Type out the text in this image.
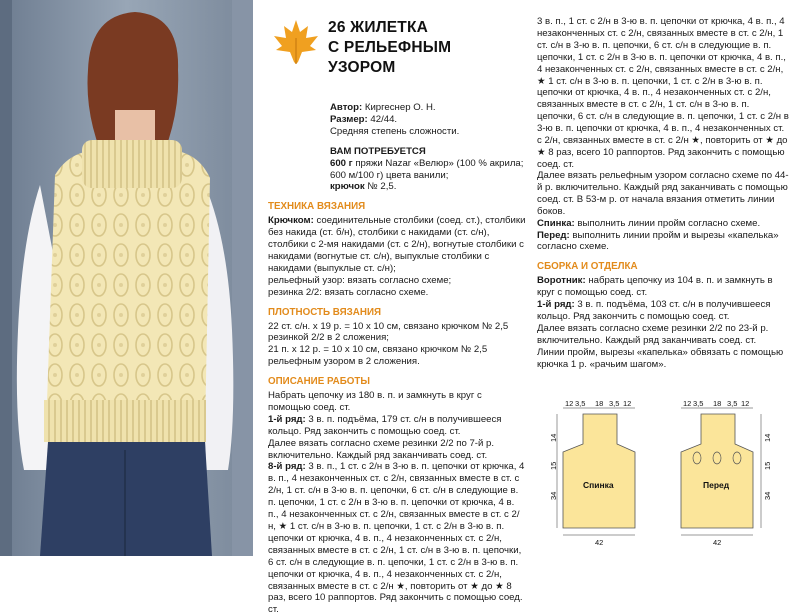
26 ЖИЛЕТКА
С РЕЛЬЕФНЫМ
УЗОРОМ

Автор: Киргеснер О. Н.

Размер: 42/44.

Средняя степень сложности.

ВАМ ПОТРЕБУЕТСЯ

600 г пряжи Nazar «Велюр» (100 % акрила; 600 м/100 г) цвета ванили;

крючок № 2,5.

ТЕХНИКА ВЯЗАНИЯ

Крючком: соединительные столбики (соед. ст.), столбики без накида (ст. б/н), столбики с накидами (ст. с/н), столбики с 2-мя накидами (ст. с 2/н), вогнутые столбики с накидами (вогнутые ст. с/н), выпуклые столбики с накидами (выпуклые ст. с/н);

рельефный узор: вязать согласно схеме;

резинка 2/2: вязать согласно схеме.

ПЛОТНОСТЬ ВЯЗАНИЯ

22 ст. с/н. х 19 р. = 10 х 10 см, связано крючком № 2,5 резинкой 2/2 в 2 сложения;

21 п. х 12 р. = 10 х 10 см, связано крючком № 2,5 рельефным узором в 2 сложения.

ОПИСАНИЕ РАБОТЫ

Набрать цепочку из 180 в. п. и замкнуть в круг с помощью соед. ст.

1-й ряд: 3 в. п. подъёма, 179 ст. с/н в получившееся кольцо. Ряд закончить с помощью соед. ст.

Далее вязать согласно схеме резинки 2/2 по 7-й р. включительно. Каждый ряд заканчивать соед. ст.

8-й ряд: 3 в. п., 1 ст. с 2/н в 3-ю в. п. цепочки от крючка, 4 в. п., 4 незаконченных ст. с 2/н, связанных вместе в ст. с 2/н, 1 ст. с/н в 3-ю в. п. цепочки, 6 ст. с/н в следующие в. п. цепочки, 1 ст. с 2/н в 3-ю в. п. цепочки от крючка, 4 в. п., 4 незаконченных ст. с 2/н, связанных вместе в ст. с 2/н, ★ 1 ст. с/н в 3-ю в. п. цепочки, 1 ст. с 2/н в 3-ю в. п. цепочки от крючка, 4 в. п., 4 незаконченных ст. с 2/н, связанных вместе в ст. с 2/н, 1 ст. с/н в 3-ю в. п. цепочки, 6 ст. с/н в следующие в. п. цепочки, 1 ст. с 2/н в 3-ю в. п. цепочки от крючка, 4 в. п., 4 незаконченных ст. с 2/н, связанных вместе в ст. с 2/н ★, повторить от ★ до ★ 8 раз, всего 10 раппортов. Ряд закончить с помощью соед. ст.

3 в. п., 1 ст. с 2/н в 3-ю в. п. цепочки от крючка, 4 в. п., 4 незаконченных ст. с 2/н, связанных вместе в ст. с 2/н, 1 ст. с/н в 3-ю в. п. цепочки, 6 ст. с/н в следующие в. п. цепочки, 1 ст. с 2/н в 3-ю в. п. цепочки от крючка, 4 в. п., 4 незаконченных ст. с 2/н, связанных вместе в ст. с 2/н, ★ 1 ст. с/н в 3-ю в. п. цепочки, 1 ст. с 2/н в 3-ю в. п. цепочки от крючка, 4 в. п., 4 незаконченных ст. с 2/н, связанных вместе в ст. с 2/н, 1 ст. с/н в 3-ю в. п. цепочки, 6 ст. с/н в следующие в. п. цепочки, 1 ст. с 2/н в 3-ю в. п. цепочки от крючка, 4 в. п., 4 незаконченных ст. с 2/н, связанных вместе в ст. с 2/н ★, повторить от ★ до ★ 8 раз, всего 10 раппортов. Ряд закончить с помощью соед. ст.

Далее вязать рельефным узором согласно схеме по 44-й р. включительно. Каждый ряд заканчивать с помощью соед. ст. В 53-м р. от начала вязания отметить линии боков.

Спинка: выполнить линии пройм согласно схеме.

Перед: выполнить линии пройм и вырезы «капелька» согласно схеме.

СБОРКА И ОТДЕЛКА

Воротник: набрать цепочку из 104 в. п. и замкнуть в круг с помощью соед. ст.

1-й ряд: 3 в. п. подъёма, 103 ст. с/н в получившееся кольцо. Ряд закончить с помощью соед. ст.

Далее вязать согласно схеме резинки 2/2 по 23-й р. включительно. Каждый ряд заканчивать соед. ст.

Линии пройм, вырезы «капелька» обвязать с помощью крючка 1 р. «рачьим шагом».

12 3,5 18 3,5 12
14
15
34
Спинка
42
12 3,5 18 3,5 12
14
15
34
Перед
42
